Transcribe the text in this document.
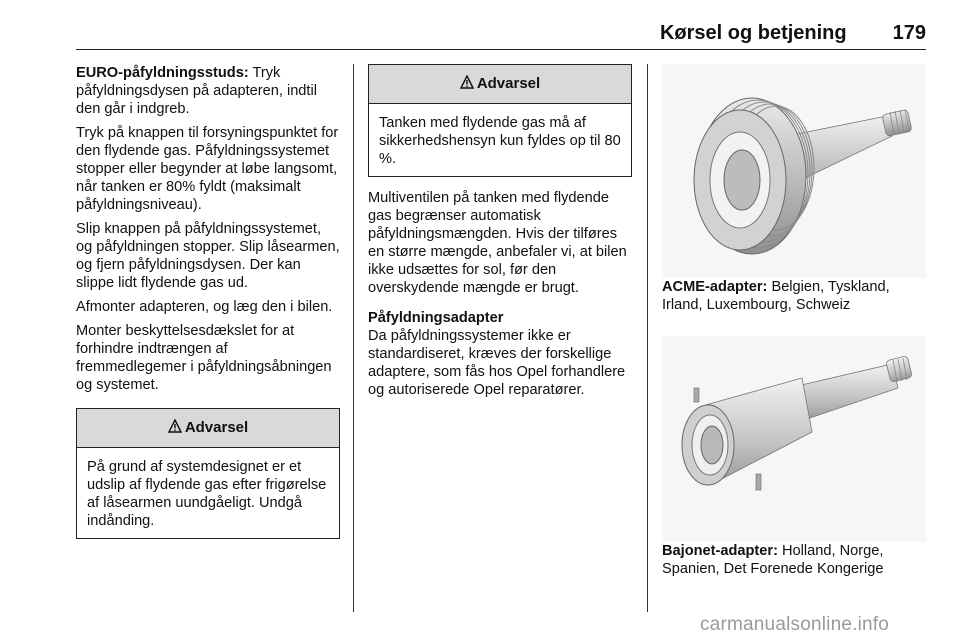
Kørsel og betjening 179

EURO-påfyldningsstuds: Tryk påfyldningsdysen på adapteren, indtil den går i indgreb.

Tryk på knappen til forsyningspunktet for den flydende gas. Påfyldningssystemet stopper eller begynder at løbe langsomt, når tanken er 80% fyldt (maksimalt påfyldningsniveau).

Slip knappen på påfyldningssystemet, og påfyldningen stopper. Slip låsearmen, og fjern påfyldningsdysen. Der kan slippe lidt flydende gas ud.

Afmonter adapteren, og læg den i bilen.

Monter beskyttelsesdækslet for at forhindre indtrængen af fremmedlegemer i påfyldningsåbningen og systemet.

Advarsel
På grund af systemdesignet er et udslip af flydende gas efter frigørelse af låsearmen uundgåeligt. Undgå indånding.
Advarsel
Tanken med flydende gas må af sikkerhedshensyn kun fyldes op til 80 %.

Multiventilen på tanken med flydende gas begrænser automatisk påfyldningsmængden. Hvis der tilføres en større mængde, anbefaler vi, at bilen ikke udsættes for sol, før den overskydende mængde er brugt.

Påfyldningsadapter

Da påfyldningssystemer ikke er standardiseret, kræves der forskellige adaptere, som fås hos Opel forhandlere og autoriserede Opel reparatører.

ACME-adapter: Belgien, Tyskland, Irland, Luxembourg, Schweiz

Bajonet-adapter: Holland, Norge, Spanien, Det Forenede Kongerige

carmanualsonline.info
